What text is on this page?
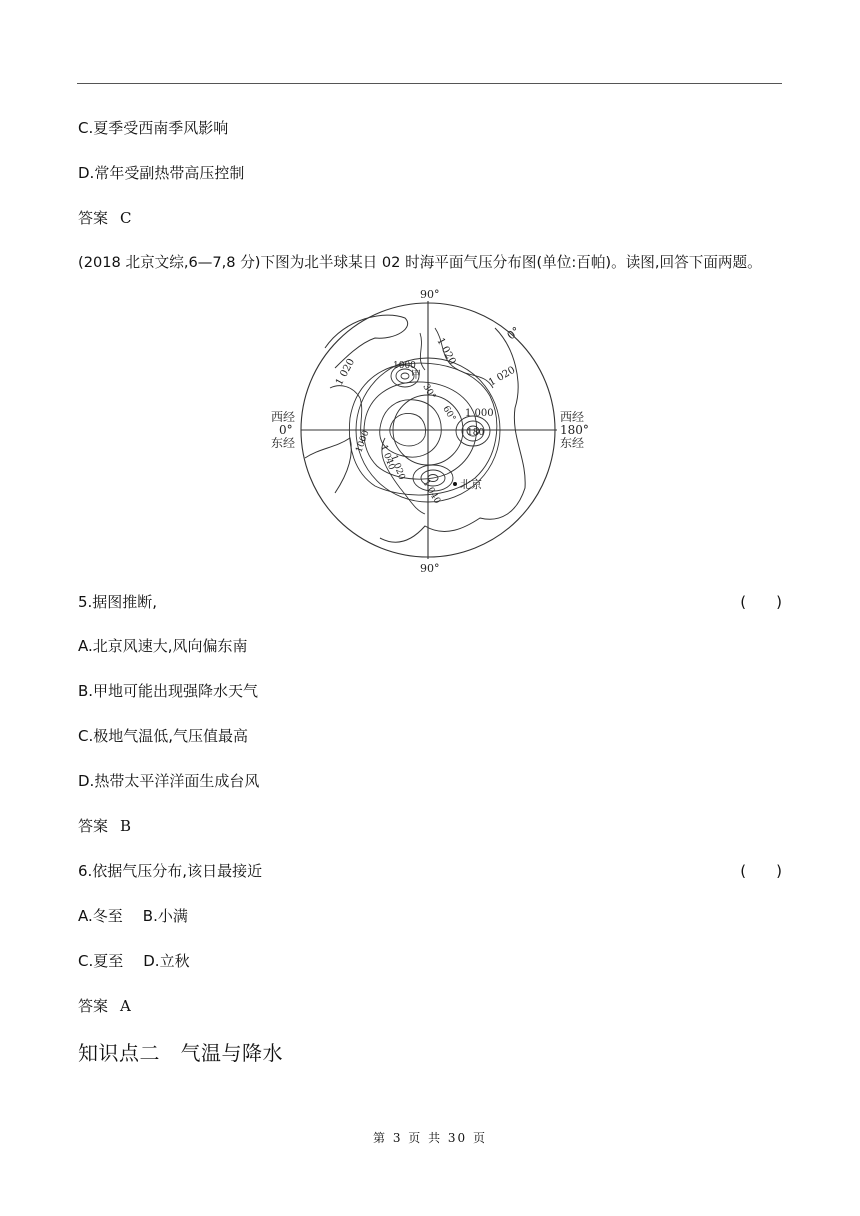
C.夏季受西南季风影响
D.常年受副热带高压控制
答案 C
(2018 北京文综,6—7,8 分)下图为北半球某日 02 时海平面气压分布图(单位:百帕)。读图,回答下面两题。
90°
90°
0°
西经
0°
东经
西经
180°
东经
1 020
1 020
1 020
1000
1 000
1000
1 020
1 040
1 040
30°
60°
甲
180
北京
5.据图推断,	(　　)
A.北京风速大,风向偏东南
B.甲地可能出现强降水天气
C.极地气温低,气压值最高
D.热带太平洋洋面生成台风
答案 B
6.依据气压分布,该日最接近	(　　)
A.冬至 B.小满
C.夏至 D.立秋
答案 A
知识点二　气温与降水
第 3 页 共 30 页
